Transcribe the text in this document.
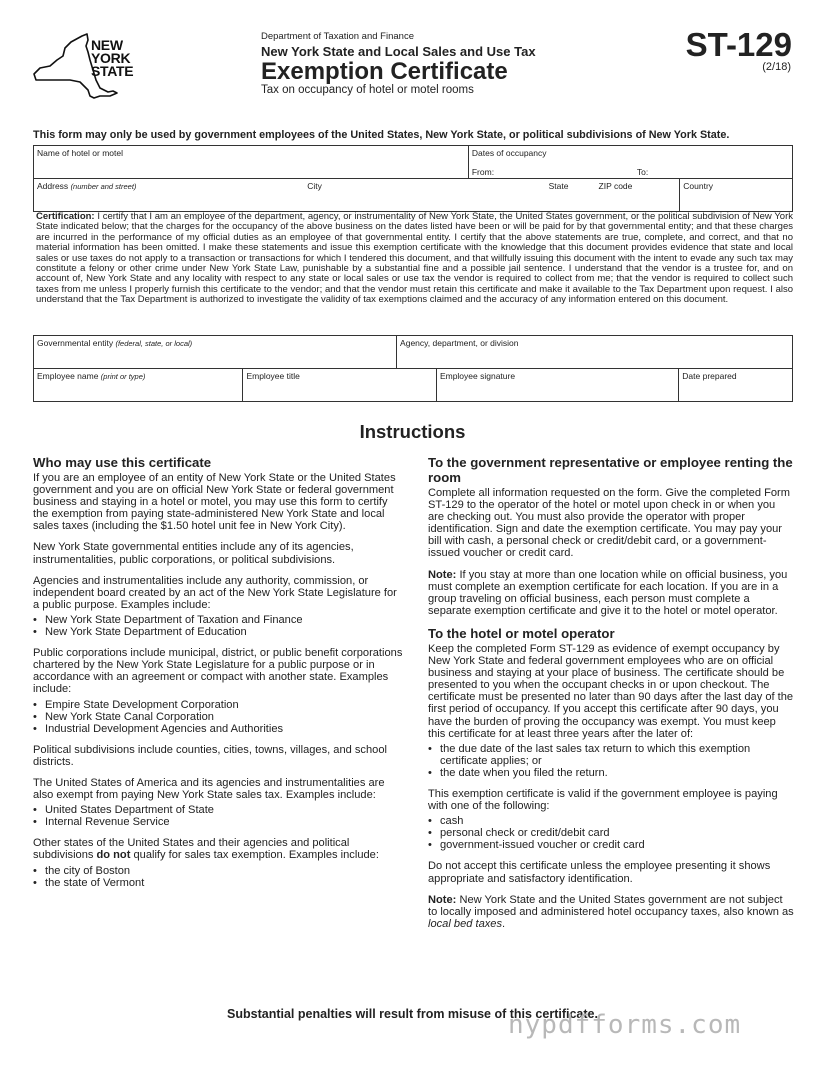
NEW
YORK
STATE
Department of Taxation and Finance
New York State and Local Sales and Use Tax
Exemption Certificate
Tax on occupancy of hotel or motel rooms
ST-129
(2/18)
This form may only be used by government employees of the United States, New York State, or political subdivisions of New York State.
Name of hotel or motel	Dates of occupancy
From:	To:
Address (number and street)	City	State	ZIP code	Country
Certification: I certify that I am an employee of the department, agency, or instrumentality of New York State, the United States government, or the political subdivision of New York State indicated below; that the charges for the occupancy of the above business on the dates listed have been or will be paid for by that governmental entity; and that these charges are incurred in the performance of my official duties as an employee of that governmental entity. I certify that the above statements are true, complete, and correct, and that no material information has been omitted. I make these statements and issue this exemption certificate with the knowledge that this document provides evidence that state and local sales or use taxes do not apply to a transaction or transactions for which I tendered this document, and that willfully issuing this document with the intent to evade any such tax may constitute a felony or other crime under New York State Law, punishable by a substantial fine and a possible jail sentence. I understand that the vendor is a trustee for, and on account of, New York State and any locality with respect to any state or local sales or use tax the vendor is required to collect from me; that the vendor is required to collect such taxes from me unless I properly furnish this certificate to the vendor; and that the vendor must retain this certificate and make it available to the Tax Department upon request. I also understand that the Tax Department is authorized to investigate the validity of tax exemptions claimed and the accuracy of any information entered on this document.
Governmental entity (federal, state, or local)	Agency, department, or division
Employee name (print or type)	Employee title	Employee signature	Date prepared
Instructions
Who may use this certificate

If you are an employee of an entity of New York State or the United States government and you are on official New York State or federal government business and staying in a hotel or motel, you may use this form to certify the exemption from paying state-administered New York State and local sales taxes (including the $1.50 hotel unit fee in New York City).

New York State governmental entities include any of its agencies, instrumentalities, public corporations, or political subdivisions.

Agencies and instrumentalities include any authority, commission, or independent board created by an act of the New York State Legislature for a public purpose. Examples include:

• New York State Department of Taxation and Finance
• New York State Department of Education

Public corporations include municipal, district, or public benefit corporations chartered by the New York State Legislature for a public purpose or in accordance with an agreement or compact with another state. Examples include:

• Empire State Development Corporation
• New York State Canal Corporation
• Industrial Development Agencies and Authorities

Political subdivisions include counties, cities, towns, villages, and school districts.

The United States of America and its agencies and instrumentalities are also exempt from paying New York State sales tax. Examples include:

• United States Department of State
• Internal Revenue Service

Other states of the United States and their agencies and political subdivisions do not qualify for sales tax exemption. Examples include:

• the city of Boston
• the state of Vermont
To the government representative or employee renting the room

Complete all information requested on the form. Give the completed Form ST-129 to the operator of the hotel or motel upon check in or when you are checking out. You must also provide the operator with proper identification. Sign and date the exemption certificate. You may pay your bill with cash, a personal check or credit/debit card, or a government-issued voucher or credit card.

Note: If you stay at more than one location while on official business, you must complete an exemption certificate for each location. If you are in a group traveling on official business, each person must complete a separate exemption certificate and give it to the hotel or motel operator.

To the hotel or motel operator

Keep the completed Form ST-129 as evidence of exempt occupancy by New York State and federal government employees who are on official business and staying at your place of business. The certificate should be presented to you when the occupant checks in or upon checkout. The certificate must be presented no later than 90 days after the last day of the first period of occupancy. If you accept this certificate after 90 days, you have the burden of proving the occupancy was exempt. You must keep this certificate for at least three years after the later of:

• the due date of the last sales tax return to which this exemption certificate applies; or
• the date when you filed the return.

This exemption certificate is valid if the government employee is paying with one of the following:

• cash
• personal check or credit/debit card
• government-issued voucher or credit card

Do not accept this certificate unless the employee presenting it shows appropriate and satisfactory identification.

Note: New York State and the United States government are not subject to locally imposed and administered hotel occupancy taxes, also known as local bed taxes.

Substantial penalties will result from misuse of this certificate.
nypdfforms.com
